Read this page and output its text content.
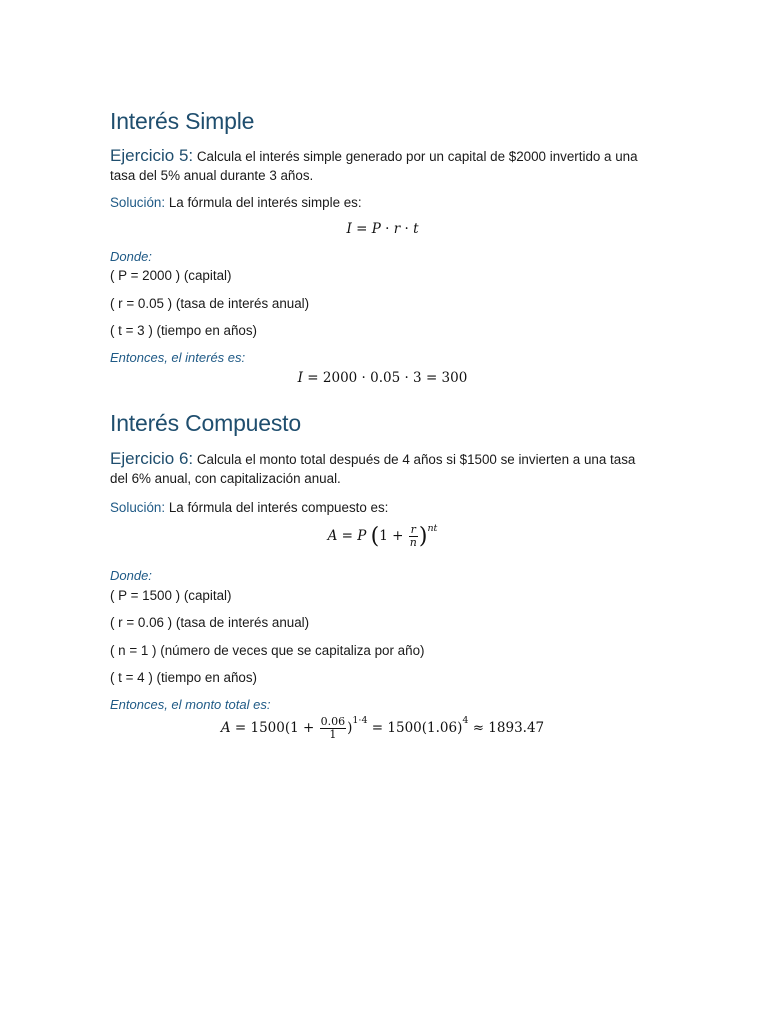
Interés Simple
Ejercicio 5: Calcula el interés simple generado por un capital de $2000 invertido a una tasa del 5% anual durante 3 años.
Solución: La fórmula del interés simple es:
I = P · r · t
Donde:
( P = 2000 ) (capital)
( r = 0.05 ) (tasa de interés anual)
( t = 3 ) (tiempo en años)
Entonces, el interés es:
I = 2000 · 0.05 · 3 = 300
Interés Compuesto
Ejercicio 6: Calcula el monto total después de 4 años si $1500 se invierten a una tasa del 6% anual, con capitalización anual.
Solución: La fórmula del interés compuesto es:
A = P $(1 + \frac{r}{n} )^{nt}$
Donde:
( P = 1500 ) (capital)
( r = 0.06 ) (tasa de interés anual)
( n = 1 ) (número de veces que se capitaliza por año)
( t = 4 ) (tiempo en años)
Entonces, el monto total es:
$A = 1500(1 + \frac{0.06}{1} )^{1\cdot 4} = 1500(1.06)^4 \approx 1893.47$
